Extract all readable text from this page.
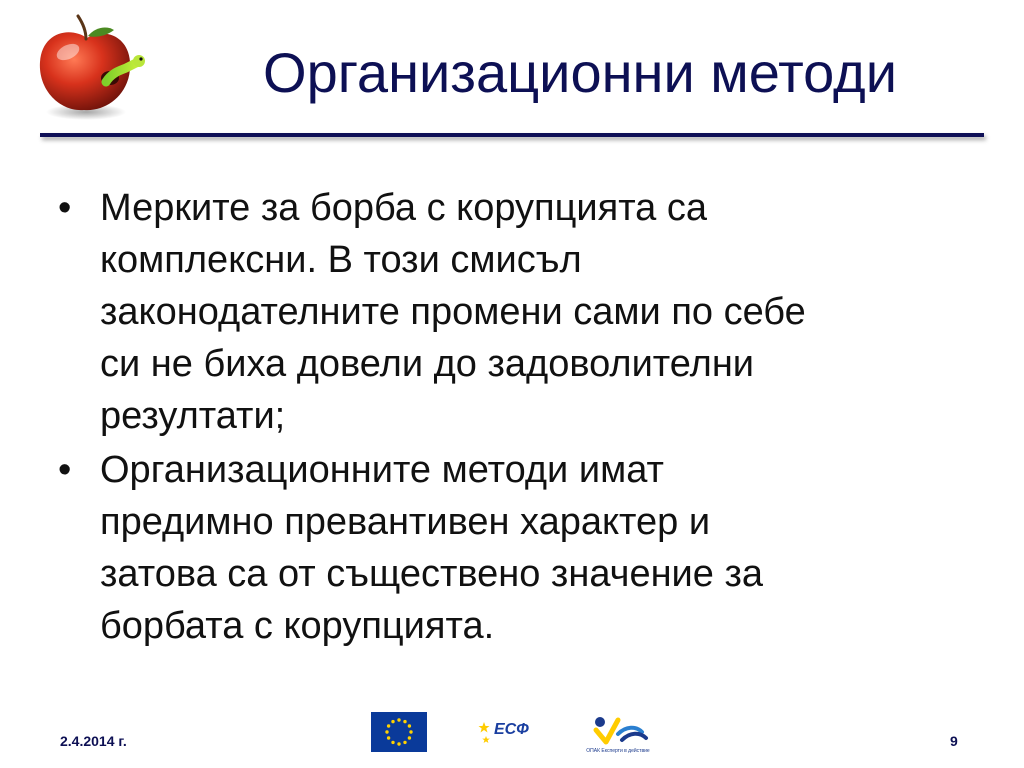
Организационни методи
• Мерките за борба с корупцията са
комплексни. В този смисъл
законодателните промени сами по себе
си не биха довели до задоволителни
резултати;
• Организационните методи имат
предимно превантивен характер и
затова са от съществено значение за
борбата с корупцията.
2.4.2014 г.
ЕСФ
ОПАК Експерти в действие
9
